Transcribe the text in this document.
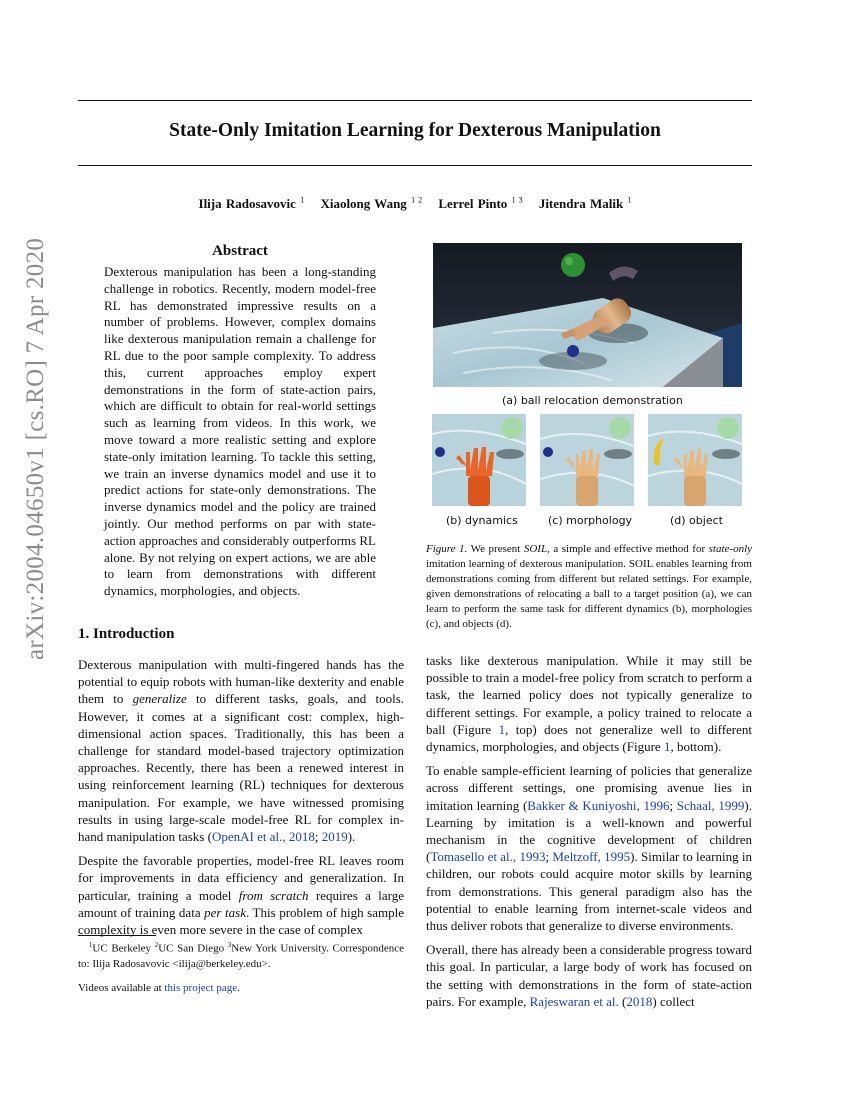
arXiv:2004.04650v1 [cs.RO] 7 Apr 2020
State-Only Imitation Learning for Dexterous Manipulation
Ilija Radosavovic $^1$ Xiaolong Wang $^{1 2}$ Lerrel Pinto $^{1 3}$ Jitendra Malik $^1$
Abstract
Dexterous manipulation has been a long-standing challenge in robotics. Recently, modern model-free RL has demonstrated impressive results on a number of problems. However, complex domains like dexterous manipulation remain a challenge for RL due to the poor sample complexity. To address this, current approaches employ expert demonstrations in the form of state-action pairs, which are difficult to obtain for real-world settings such as learning from videos. In this work, we move toward a more realistic setting and explore state-only imitation learning. To tackle this setting, we train an inverse dynamics model and use it to predict actions for state-only demonstrations. The inverse dynamics model and the policy are trained jointly. Our method performs on par with state-action approaches and considerably outperforms RL alone. By not relying on expert actions, we are able to learn from demonstrations with different dynamics, morphologies, and objects.
(a) ball relocation demonstration
(b) dynamics	(c) morphology	(d) object
Figure 1. We present SOIL, a simple and effective method for state-only imitation learning of dexterous manipulation. SOIL enables learning from demonstrations coming from different but related settings. For example, given demonstrations of relocating a ball to a target position (a), we can learn to perform the same task for different dynamics (b), morphologies (c), and objects (d).
1. Introduction

Dexterous manipulation with multi-fingered hands has the potential to equip robots with human-like dexterity and enable them to generalize to different tasks, goals, and tools. However, it comes at a significant cost: complex, high-dimensional action spaces. Traditionally, this has been a challenge for standard model-based trajectory optimization approaches. Recently, there has been a renewed interest in using reinforcement learning (RL) techniques for dexterous manipulation. For example, we have witnessed promising results in using large-scale model-free RL for complex in-hand manipulation tasks (OpenAI et al., 2018; 2019).

Despite the favorable properties, model-free RL leaves room for improvements in data efficiency and generalization. In particular, training a model from scratch requires a large amount of training data per task. This problem of high sample complexity is even more severe in the case of complex

$^1$UC Berkeley $^2$UC San Diego $^3$New York University. Correspondence to: Ilija Radosavovic <ilija@berkeley.edu>.
Videos available at this project page.

tasks like dexterous manipulation. While it may still be possible to train a model-free policy from scratch to perform a task, the learned policy does not typically generalize to different settings. For example, a policy trained to relocate a ball (Figure 1, top) does not generalize well to different dynamics, morphologies, and objects (Figure 1, bottom).

To enable sample-efficient learning of policies that generalize across different settings, one promising avenue lies in imitation learning (Bakker & Kuniyoshi, 1996; Schaal, 1999). Learning by imitation is a well-known and powerful mechanism in the cognitive development of children (Tomasello et al., 1993; Meltzoff, 1995). Similar to learning in children, our robots could acquire motor skills by learning from demonstrations. This general paradigm also has the potential to enable learning from internet-scale videos and thus deliver robots that generalize to diverse environments.

Overall, there has already been a considerable progress toward this goal. In particular, a large body of work has focused on the setting with demonstrations in the form of state-action pairs. For example, Rajeswaran et al. (2018) collect
